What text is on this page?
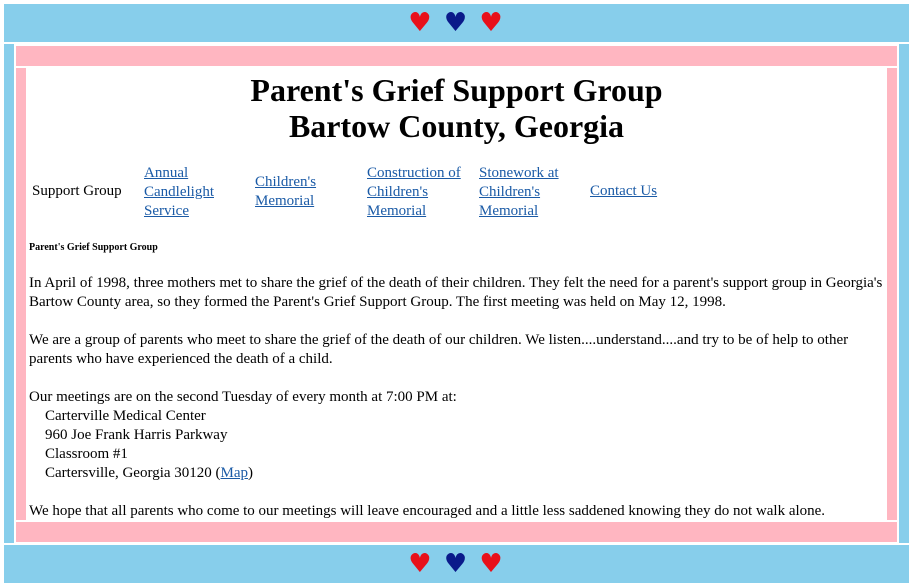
♥ ♥ ♥
Parent's Grief Support Group
Bartow County, Georgia
Support Group
Annual
Candlelight
Service
Children's
Memorial
Construction of
Children's
Memorial
Stonework at
Children's
Memorial
Contact Us
Parent's Grief Support Group

In April of 1998, three mothers met to share the grief of the death of their children. They felt the need for a parent's support group in Georgia's Bartow County area, so they formed the Parent's Grief Support Group. The first meeting was held on May 12, 1998.

We are a group of parents who meet to share the grief of the death of our children. We listen....understand....and try to be of help to other parents who have experienced the death of a child.

Our meetings are on the second Tuesday of every month at 7:00 PM at:

Carterville Medical Center
960 Joe Frank Harris Parkway
Classroom #1
Cartersville, Georgia 30120 (Map)

We hope that all parents who come to our meetings will leave encouraged and a little less saddened knowing they do not walk alone.

♥ ♥ ♥
